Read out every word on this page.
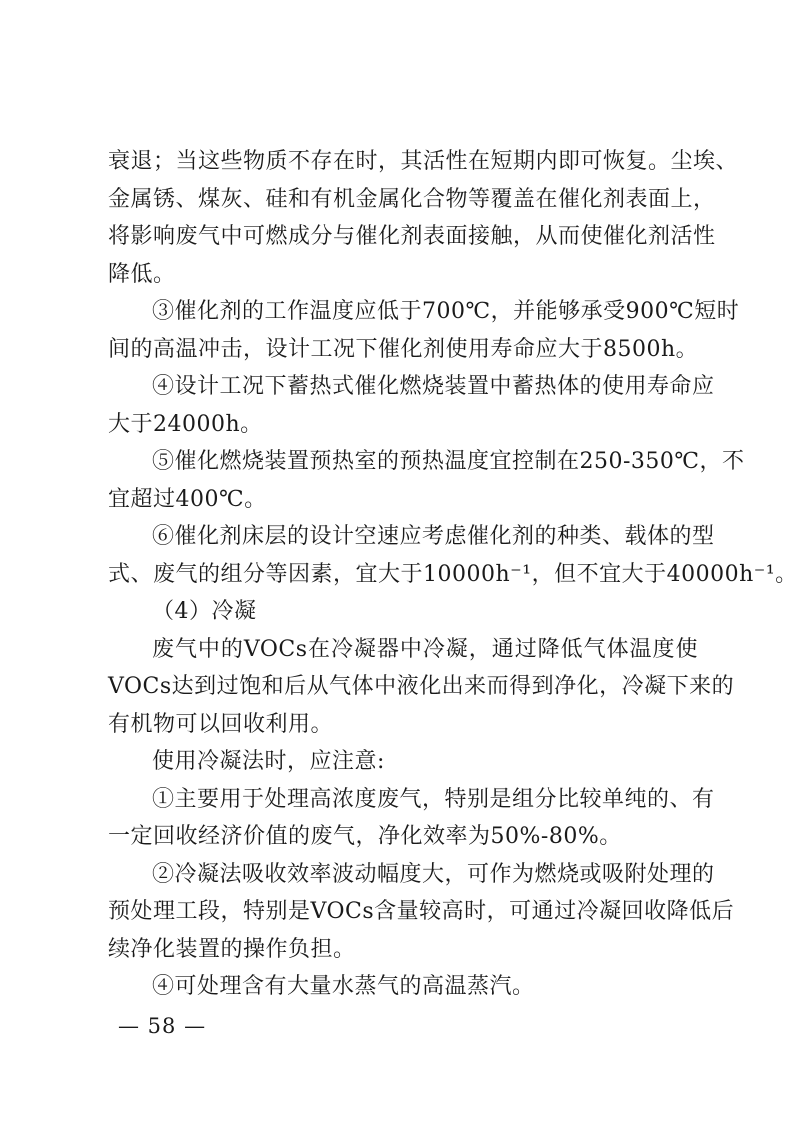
衰退；当这些物质不存在时，其活性在短期内即可恢复。尘埃、
金属锈、煤灰、硅和有机金属化合物等覆盖在催化剂表面上，
将影响废气中可燃成分与催化剂表面接触，从而使催化剂活性
降低。
③催化剂的工作温度应低于700℃，并能够承受900℃短时
间的高温冲击，设计工况下催化剂使用寿命应大于8500h。
④设计工况下蓄热式催化燃烧装置中蓄热体的使用寿命应
大于24000h。
⑤催化燃烧装置预热室的预热温度宜控制在250-350℃，不
宜超过400℃。
⑥催化剂床层的设计空速应考虑催化剂的种类、载体的型
式、废气的组分等因素，宜大于10000h⁻¹，但不宜大于40000h⁻¹。
（4）冷凝
废气中的VOCs在冷凝器中冷凝，通过降低气体温度使
VOCs达到过饱和后从气体中液化出来而得到净化，冷凝下来的
有机物可以回收利用。
使用冷凝法时，应注意:
①主要用于处理高浓度废气，特别是组分比较单纯的、有
一定回收经济价值的废气，净化效率为50%-80%。
②冷凝法吸收效率波动幅度大，可作为燃烧或吸附处理的
预处理工段，特别是VOCs含量较高时，可通过冷凝回收降低后
续净化装置的操作负担。
④可处理含有大量水蒸气的高温蒸汽。
— 58 —
